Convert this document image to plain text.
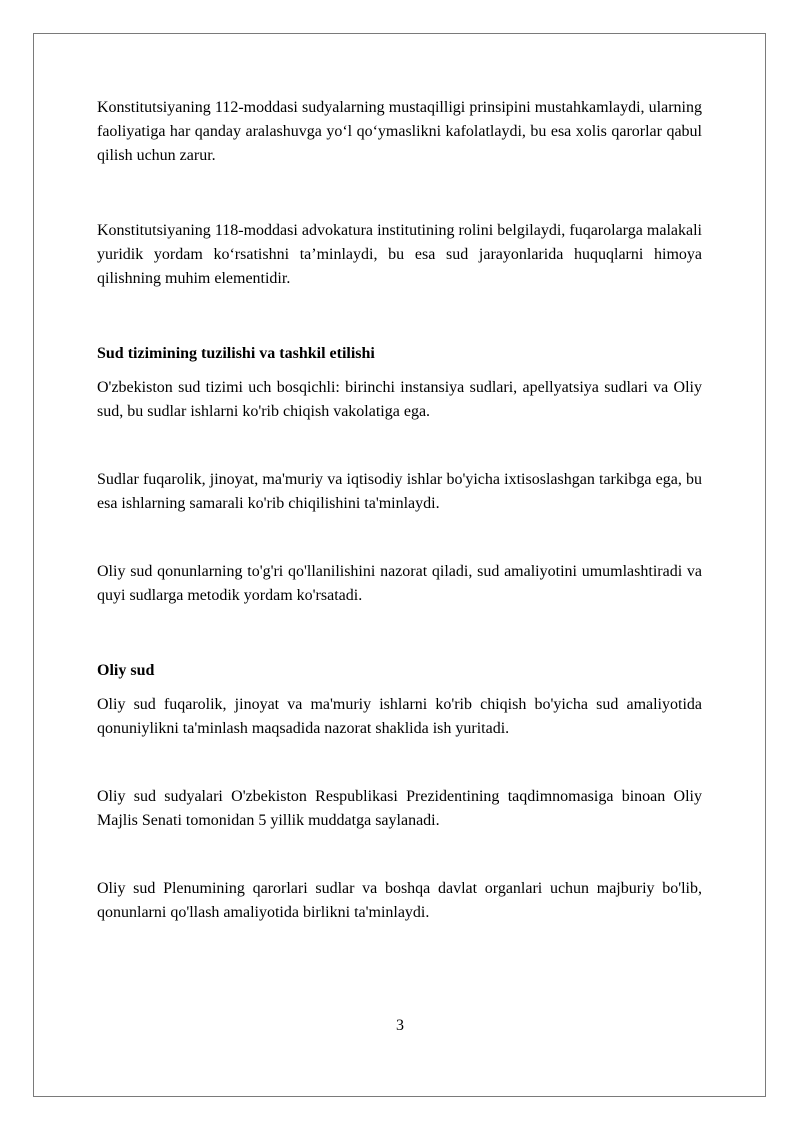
Konstitutsiyaning 112-moddasi sudyalarning mustaqilligi prinsipini mustahkamlaydi, ularning faoliyatiga har qanday aralashuvga yo‘l qo‘ymaslikni kafolatlaydi, bu esa xolis qarorlar qabul qilish uchun zarur.

Konstitutsiyaning 118-moddasi advokatura institutining rolini belgilaydi, fuqarolarga malakali yuridik yordam ko‘rsatishni ta’minlaydi, bu esa sud jarayonlarida huquqlarni himoya qilishning muhim elementidir.

Sud tizimining tuzilishi va tashkil etilishi

O'zbekiston sud tizimi uch bosqichli: birinchi instansiya sudlari, apellyatsiya sudlari va Oliy sud, bu sudlar ishlarni ko'rib chiqish vakolatiga ega.

Sudlar fuqarolik, jinoyat, ma'muriy va iqtisodiy ishlar bo'yicha ixtisoslashgan tarkibga ega, bu esa ishlarning samarali ko'rib chiqilishini ta'minlaydi.

Oliy sud qonunlarning to'g'ri qo'llanilishini nazorat qiladi, sud amaliyotini umumlashtiradi va quyi sudlarga metodik yordam ko'rsatadi.

Oliy sud

Oliy sud fuqarolik, jinoyat va ma'muriy ishlarni ko'rib chiqish bo'yicha sud amaliyotida qonuniylikni ta'minlash maqsadida nazorat shaklida ish yuritadi.

Oliy sud sudyalari O'zbekiston Respublikasi Prezidentining taqdimnomasiga binoan Oliy Majlis Senati tomonidan 5 yillik muddatga saylanadi.

Oliy sud Plenumining qarorlari sudlar va boshqa davlat organlari uchun majburiy bo'lib, qonunlarni qo'llash amaliyotida birlikni ta'minlaydi.

3
